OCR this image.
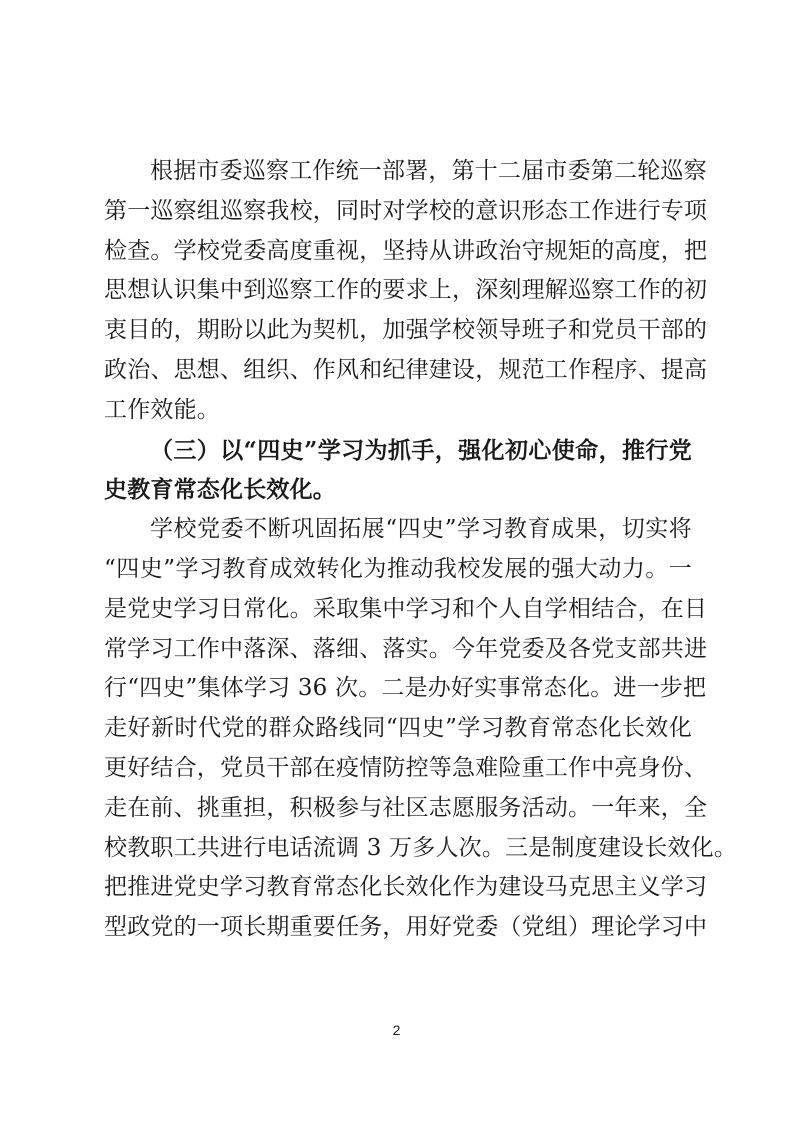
根据市委巡察工作统一部署，第十二届市委第二轮巡察
第一巡察组巡察我校，同时对学校的意识形态工作进行专项
检查。学校党委高度重视，坚持从讲政治守规矩的高度，把
思想认识集中到巡察工作的要求上，深刻理解巡察工作的初
衷目的，期盼以此为契机，加强学校领导班子和党员干部的
政治、思想、组织、作风和纪律建设，规范工作程序、提高
工作效能。
（三）以“四史”学习为抓手，强化初心使命，推行党
史教育常态化长效化。
学校党委不断巩固拓展“四史”学习教育成果，切实将
“四史”学习教育成效转化为推动我校发展的强大动力。一
是党史学习日常化。采取集中学习和个人自学相结合，在日
常学习工作中落深、落细、落实。今年党委及各党支部共进
行“四史”集体学习 36 次。二是办好实事常态化。进一步把
走好新时代党的群众路线同“四史”学习教育常态化长效化
更好结合，党员干部在疫情防控等急难险重工作中亮身份、
走在前、挑重担，积极参与社区志愿服务活动。一年来，全
校教职工共进行电话流调 3 万多人次。三是制度建设长效化。
把推进党史学习教育常态化长效化作为建设马克思主义学习
型政党的一项长期重要任务，用好党委（党组）理论学习中
2
